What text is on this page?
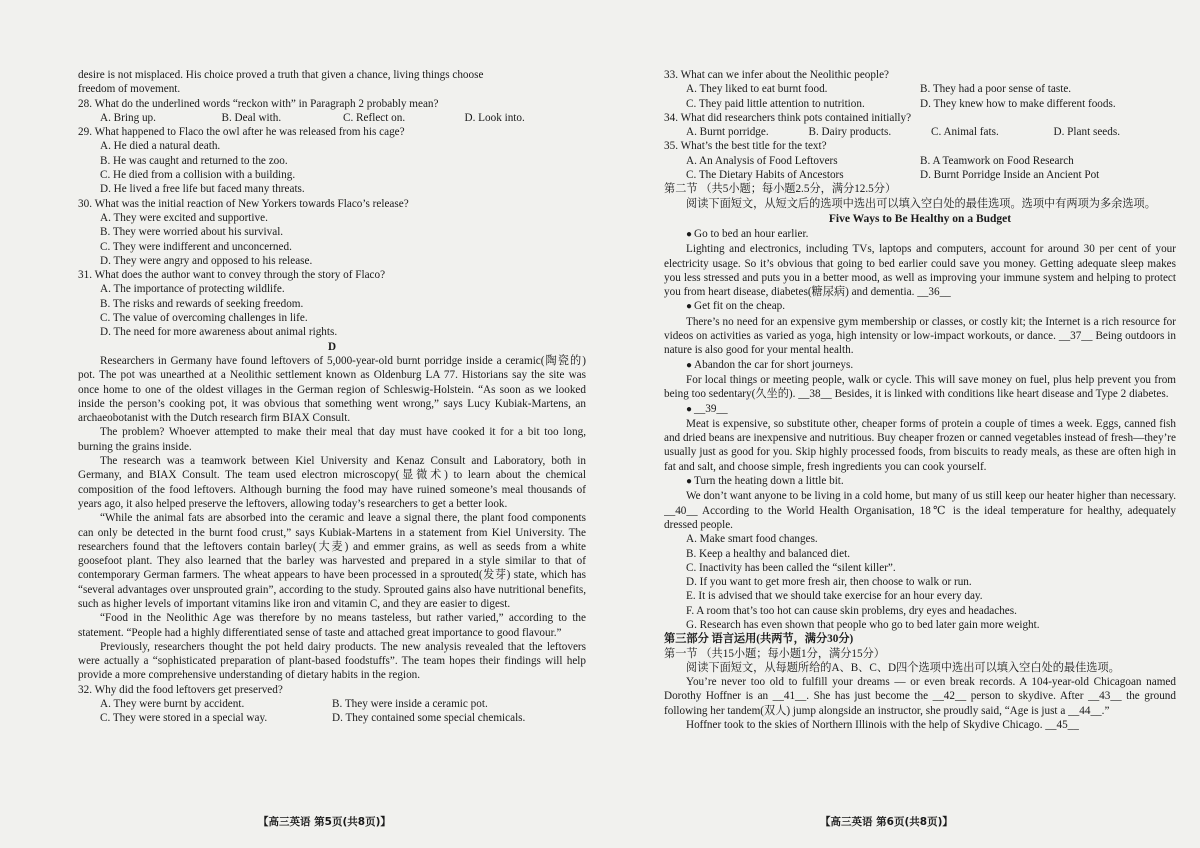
desire is not misplaced. His choice proved a truth that given a chance, living things choose

freedom of movement.

28. What do the underlined words “reckon with” in Paragraph 2 probably mean?

A. Bring up.	B. Deal with.	C. Reflect on.	D. Look into.

29. What happened to Flaco the owl after he was released from his cage?

A. He died a natural death.

B. He was caught and returned to the zoo.

C. He died from a collision with a building.

D. He lived a free life but faced many threats.

30. What was the initial reaction of New Yorkers towards Flaco’s release?

A. They were excited and supportive.

B. They were worried about his survival.

C. They were indifferent and unconcerned.

D. They were angry and opposed to his release.

31. What does the author want to convey through the story of Flaco?

A. The importance of protecting wildlife.

B. The risks and rewards of seeking freedom.

C. The value of overcoming challenges in life.

D. The need for more awareness about animal rights.

D

Researchers in Germany have found leftovers of 5,000-year-old burnt porridge inside a ceramic(陶瓷的) pot. The pot was unearthed at a Neolithic settlement known as Oldenburg LA 77. Historians say the site was once home to one of the oldest villages in the German region of Schleswig-Holstein. “As soon as we looked inside the person’s cooking pot, it was obvious that something went wrong,” says Lucy Kubiak-Martens, an archaeobotanist with the Dutch research firm BIAX Consult.

The problem? Whoever attempted to make their meal that day must have cooked it for a bit too long, burning the grains inside.

The research was a teamwork between Kiel University and Kenaz Consult and Laboratory, both in Germany, and BIAX Consult. The team used electron microscopy(显微术) to learn about the chemical composition of the food leftovers. Although burning the food may have ruined someone’s meal thousands of years ago, it also helped preserve the leftovers, allowing today’s researchers to get a better look.

“While the animal fats are absorbed into the ceramic and leave a signal there, the plant food components can only be detected in the burnt food crust,” says Kubiak-Martens in a statement from Kiel University. The researchers found that the leftovers contain barley(大麦) and emmer grains, as well as seeds from a white goosefoot plant. They also learned that the barley was harvested and prepared in a style similar to that of contemporary German farmers. The wheat appears to have been processed in a sprouted(发芽) state, which has “several advantages over unsprouted grain”, according to the study. Sprouted gains also have nutritional benefits, such as higher levels of important vitamins like iron and vitamin C, and they are easier to digest.

“Food in the Neolithic Age was therefore by no means tasteless, but rather varied,” according to the statement. “People had a highly differentiated sense of taste and attached great importance to good flavour.”

Previously, researchers thought the pot held dairy products. The new analysis revealed that the leftovers were actually a “sophisticated preparation of plant-based foodstuffs”. The team hopes their findings will help provide a more comprehensive understanding of dietary habits in the region.

32. Why did the food leftovers get preserved?

A. They were burnt by accident.	B. They were inside a ceramic pot.
C. They were stored in a special way.	D. They contained some special chemicals.

33. What can we infer about the Neolithic people?

A. They liked to eat burnt food.	B. They had a poor sense of taste.
C. They paid little attention to nutrition.	D. They knew how to make different foods.

34. What did researchers think pots contained initially?

A. Burnt porridge.	B. Dairy products.	C. Animal fats.	D. Plant seeds.

35. What’s the best title for the text?

A. An Analysis of Food Leftovers	B. A Teamwork on Food Research
C. The Dietary Habits of Ancestors	D. Burnt Porridge Inside an Ancient Pot

第二节 （共5小题；每小题2.5分，满分12.5分）

阅读下面短文，从短文后的选项中选出可以填入空白处的最佳选项。选项中有两项为多余选项。

Five Ways to Be Healthy on a Budget

● Go to bed an hour earlier.

Lighting and electronics, including TVs, laptops and computers, account for around 30 per cent of your electricity usage. So it’s obvious that going to bed earlier could save you money. Getting adequate sleep makes you less stressed and puts you in a better mood, as well as improving your immune system and helping to protect you from heart disease, diabetes(糖尿病) and dementia. __36__

● Get fit on the cheap.

There’s no need for an expensive gym membership or classes, or costly kit; the Internet is a rich resource for videos on activities as varied as yoga, high intensity or low-impact workouts, or dance. __37__ Being outdoors in nature is also good for your mental health.

● Abandon the car for short journeys.

For local things or meeting people, walk or cycle. This will save money on fuel, plus help prevent you from being too sedentary(久坐的). __38__ Besides, it is linked with conditions like heart disease and Type 2 diabetes.

● __39__

Meat is expensive, so substitute other, cheaper forms of protein a couple of times a week. Eggs, canned fish and dried beans are inexpensive and nutritious. Buy cheaper frozen or canned vegetables instead of fresh—they’re usually just as good for you. Skip highly processed foods, from biscuits to ready meals, as these are often high in fat and salt, and choose simple, fresh ingredients you can cook yourself.

● Turn the heating down a little bit.

We don’t want anyone to be living in a cold home, but many of us still keep our heater higher than necessary. __40__ According to the World Health Organisation, 18℃ is the ideal temperature for healthy, adequately dressed people.

A. Make smart food changes.

B. Keep a healthy and balanced diet.

C. Inactivity has been called the “silent killer”.

D. If you want to get more fresh air, then choose to walk or run.

E. It is advised that we should take exercise for an hour every day.

F. A room that’s too hot can cause skin problems, dry eyes and headaches.

G. Research has even shown that people who go to bed later gain more weight.

第三部分 语言运用(共两节，满分30分)

第一节 （共15小题；每小题1分，满分15分）

阅读下面短文，从每题所给的A、B、C、D四个选项中选出可以填入空白处的最佳选项。

You’re never too old to fulfill your dreams — or even break records. A 104-year-old Chicagoan named Dorothy Hoffner is an __41__. She has just become the __42__ person to skydive. After __43__ the ground following her tandem(双人) jump alongside an instructor, she proudly said, “Age is just a __44__.”

Hoffner took to the skies of Northern Illinois with the help of Skydive Chicago. __45__

【高三英语 第5页(共8页)】	【高三英语 第6页(共8页)】
